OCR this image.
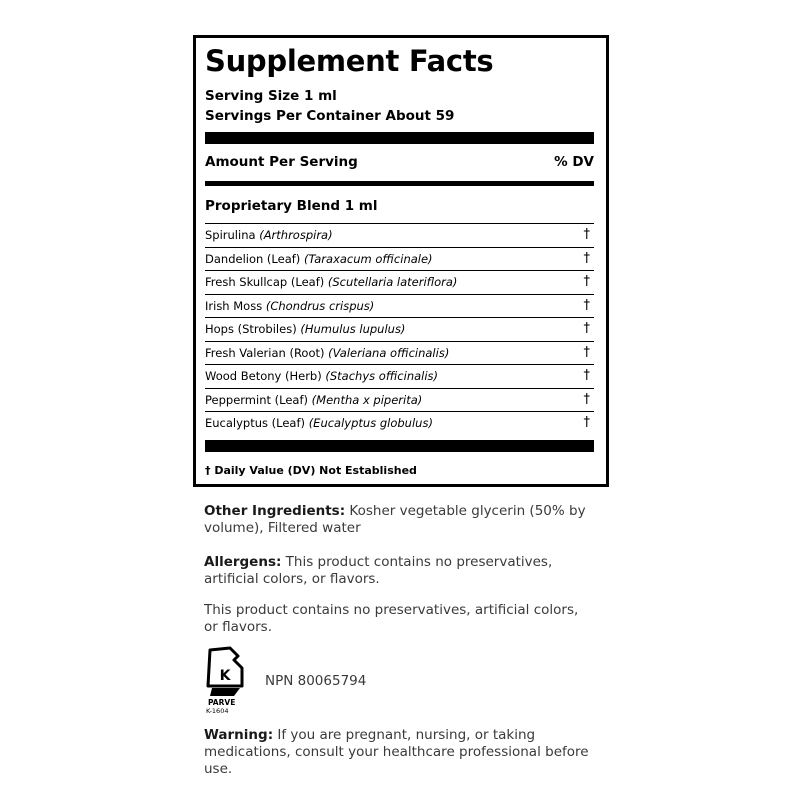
Supplement Facts
Serving Size 1 ml
Servings Per Container About 59
Amount Per Serving	% DV
Proprietary Blend 1 ml
Spirulina (Arthrospira)	†
Dandelion (Leaf) (Taraxacum officinale)	†
Fresh Skullcap (Leaf) (Scutellaria lateriflora)	†
Irish Moss (Chondrus crispus)	†
Hops (Strobiles) (Humulus lupulus)	†
Fresh Valerian (Root) (Valeriana officinalis)	†
Wood Betony (Herb) (Stachys officinalis)	†
Peppermint (Leaf) (Mentha x piperita)	†
Eucalyptus (Leaf) (Eucalyptus globulus)	†
† Daily Value (DV) Not Established
Other Ingredients: Kosher vegetable glycerin (50% by volume), Filtered water
Allergens: This product contains no preservatives, artificial colors, or flavors.
This product contains no preservatives, artificial colors, or flavors.
K
PARVE
K-1604
NPN 80065794
Warning: If you are pregnant, nursing, or taking medications, consult your healthcare professional before use.
